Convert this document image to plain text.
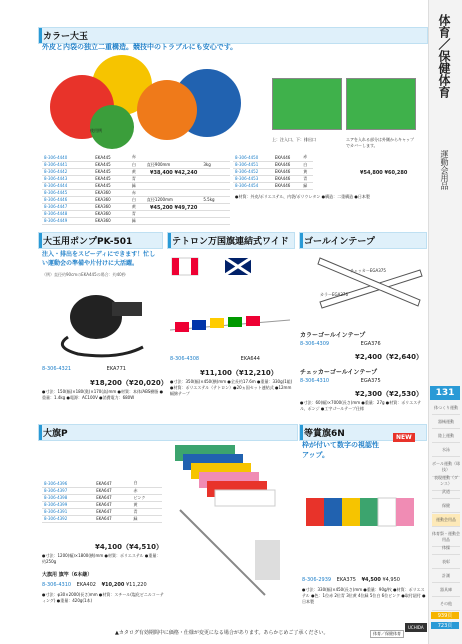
体育／保健体育
運動会用品
131
体つくり運動
器械運動
陸上運動
水泳
ボール運動（球技）
表現運動（ダンス）
武道
保健
運動会用品
体育祭・運動会用品
体操
表彰
計測
器具庫
その他
939頁
723頁
カラー大玉
外皮と内袋の独立二重構造。競技中のトラブルにも安心です。
使用例
上：注入口、下：排出口	エアを入れる部分は外側からキャップでカバーします。
8-306-4440	EKA445	赤		
8-306-4441	EKA445	白	直径900mm	3kg
8-306-4442	EKA445	黄		
8-306-4443	EKA445	青		
8-306-4444	EKA445	緑		
8-306-4445	EKA360	赤		
8-306-4446	EKA360	白	直径1200mm	5.5kg
8-306-4447	EKA360	黄		
8-306-4448	EKA360	青		
8-306-4449	EKA360	緑		
¥38,400 ¥42,240
¥45,200 ¥49,720
8-306-4450	EKA446	赤
8-306-4451	EKA446	白
8-306-4452	EKA446	黄
8-306-4453	EKA446	青
8-306-4454	EKA446	緑
¥54,800 ¥60,280
●材質：外皮/ポリエステル、内袋/ポリウレタン ●構造：二重構造 ●日本製
大玉用ポンプPK-501
注入・排出をスピーディにできます！忙しい運動会の準備や片付けに大活躍。
（例）直径約90cmのEKA445の場合：約40秒
8-306-4321	EKA771
¥18,200（¥20,020）
●寸法：150(幅)×180(奥)×170(高)mm ●材質：本体/ABS樹脂 ●重量：1.4kg ●電源：AC100V ●消費電力：680W
テトロン万国旗連結式ワイド
8-306-4308	EKA644
¥11,100（¥12,210）
●寸法：350(幅)×450(横)mm ●全長約17.6m ●重量：330g(1組) ●材質：ポリエステル（テトロン）●20ヵ国セット連結式 ●12mm幅綿テープ
ゴールインテープ
チェッカーEGA375
カラーEGA376
カラーゴールインテープ
8-306-4309	EGA376
¥2,400（¥2,640）
チェッカーゴールインテープ
8-306-4310	EGA375
¥2,300（¥2,530）
●寸法：60(幅)×7000(長さ)mm ●重量：27g ●材質：ポリエステル、ポンジ ●工字ゴールテープ仕様
大旗P
8-306-4396	EKA647	白
8-306-4397	EKA647	赤
8-306-4398	EKA647	ピンク
8-306-4399	EKA647	黄
8-306-4391	EKA647	青
8-306-4392	EKA647	緑
¥4,100（¥4,510）
●寸法：1200(幅)×1800(横)mm ●材質：ポリエステル ●重量：約250g
大旗用 旗竿（6本継）
8-306-4310 EKA402 ¥10,200 ¥11,220
●寸法：φ30×2000(長さ)mm ●材質：スチール(塩化ビニルコーティング) ●重量：420g(1本)
等賞旗6N
枠が付いて数字の視認性アップ。
NEW
8-306-2939 EKA375 ¥4,500 ¥4,950
●寸法：330(幅)×450(長さ)mm ●重量：90g/枚 ●材質：ポリエステル ●色：1位赤 2位青 3位黄 4位緑 5位白 6位ピンク ●取付紐付 ●日本製
▲カタログ有効期間中に価格・仕様が変更になる場合があります。あらかじめご了承ください。	体育／保健体育
UCHIDA
